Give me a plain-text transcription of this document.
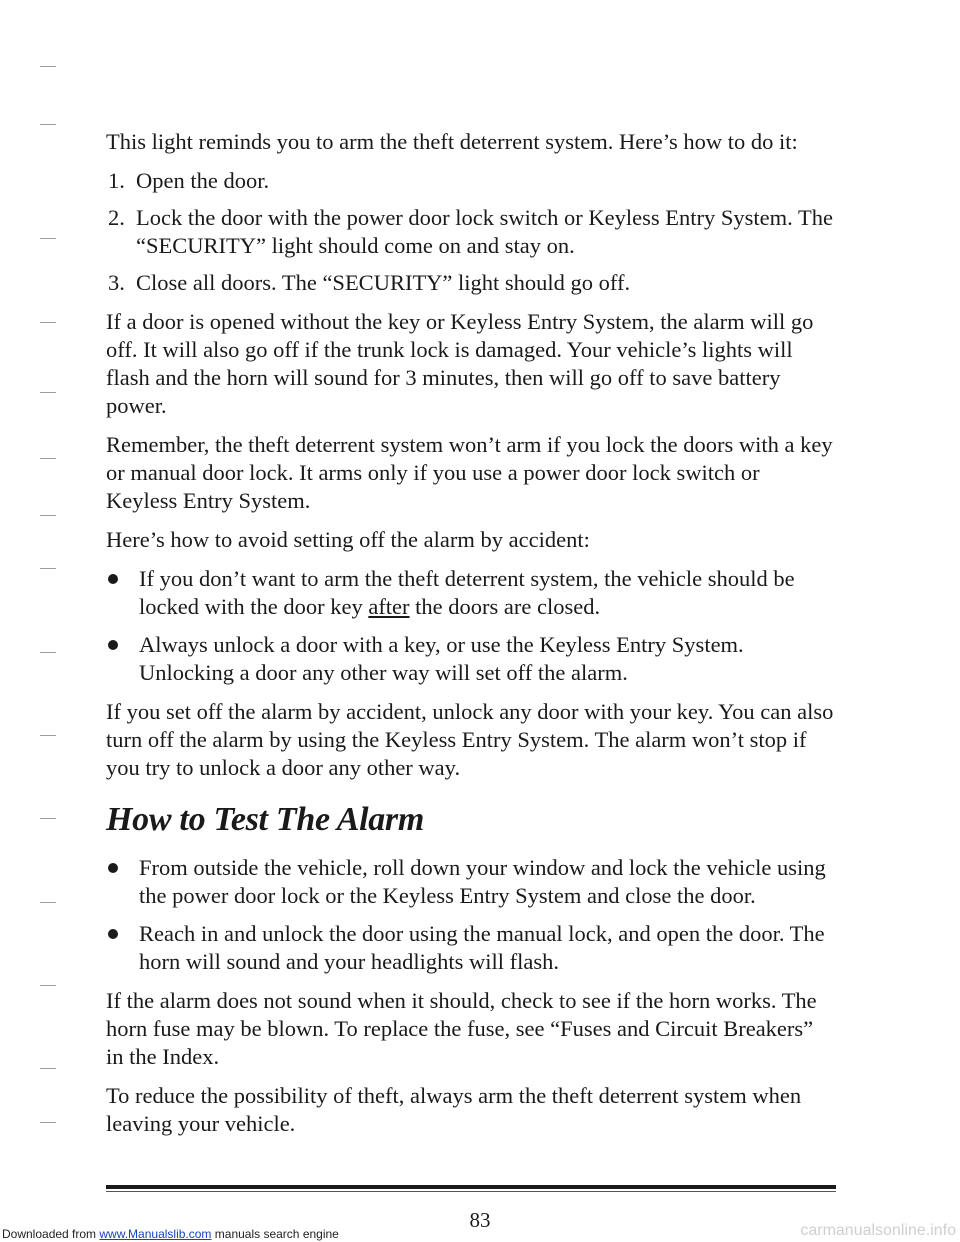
This light reminds you to arm the theft deterrent system. Here’s how to do it:

1. Open the door.
2. Lock the door with the power door lock switch or Keyless Entry System. The “SECURITY” light should come on and stay on.
3. Close all doors. The “SECURITY” light should go off.

If a door is opened without the key or Keyless Entry System, the alarm will go off. It will also go off if the trunk lock is damaged. Your vehicle’s lights will flash and the horn will sound for 3 minutes, then will go off to save battery power.

Remember, the theft deterrent system won’t arm if you lock the doors with a key or manual door lock. It arms only if you use a power door lock switch or Keyless Entry System.

Here’s how to avoid setting off the alarm by accident:

If you don’t want to arm the theft deterrent system, the vehicle should be locked with the door key after the doors are closed.
Always unlock a door with a key, or use the Keyless Entry System. Unlocking a door any other way will set off the alarm.

If you set off the alarm by accident, unlock any door with your key. You can also turn off the alarm by using the Keyless Entry System. The alarm won’t stop if you try to unlock a door any other way.

How to Test The Alarm
From outside the vehicle, roll down your window and lock the vehicle using the power door lock or the Keyless Entry System and close the door.
Reach in and unlock the door using the manual lock, and open the door. The horn will sound and your headlights will flash.

If the alarm does not sound when it should, check to see if the horn works. The horn fuse may be blown. To replace the fuse, see “Fuses and Circuit Breakers” in the Index.

To reduce the possibility of theft, always arm the theft deterrent system when leaving your vehicle.

83
Downloaded from www.Manualslib.com manuals search engine	carmanualsonline.info
